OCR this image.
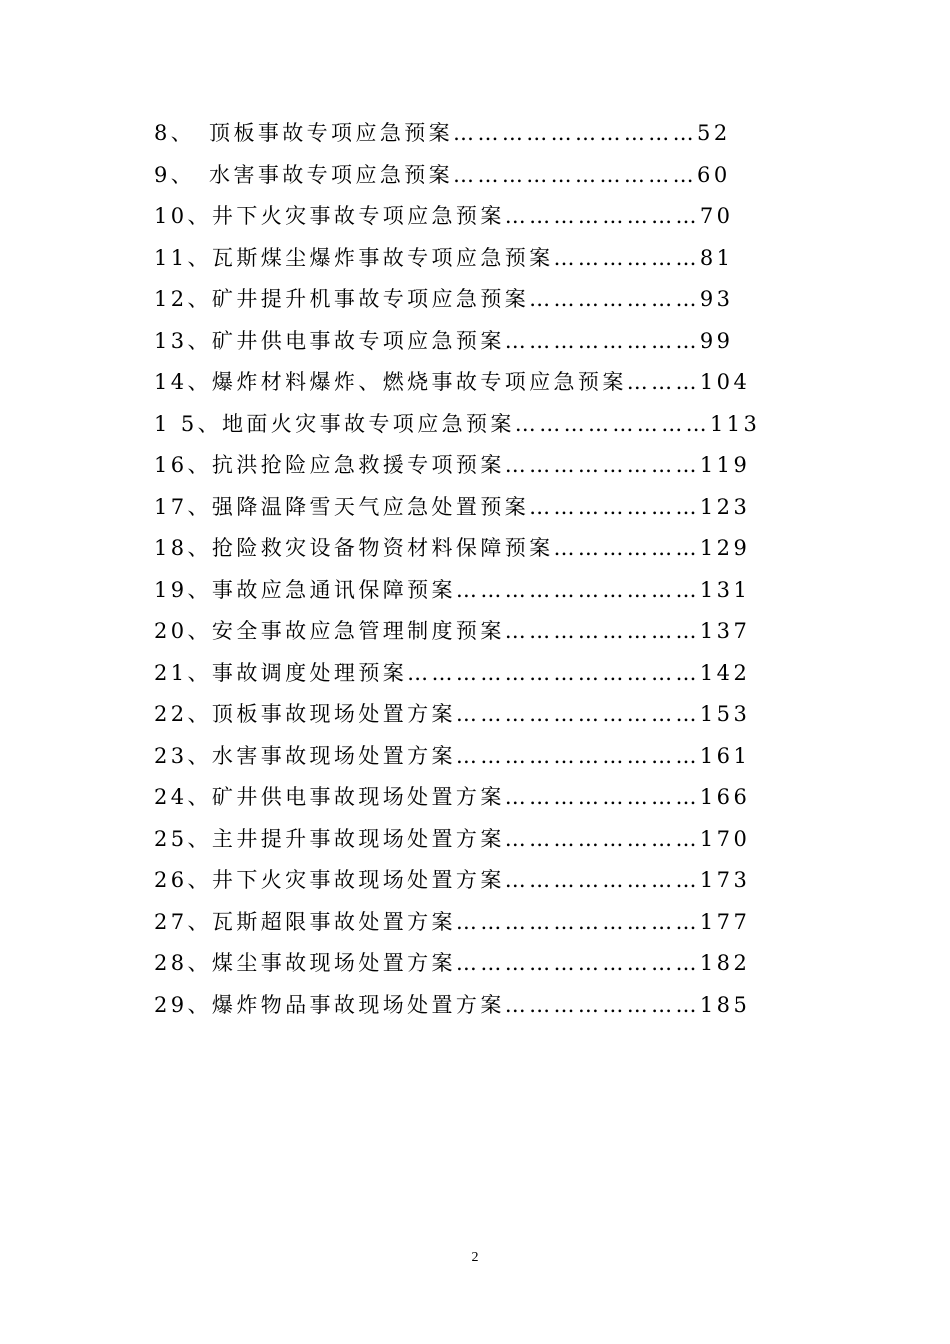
8、　顶板事故专项应急预案…………………………52
9、　水害事故专项应急预案…………………………60
10、井下火灾事故专项应急预案……………………70
11、瓦斯煤尘爆炸事故专项应急预案………………81
12、矿井提升机事故专项应急预案…………………93
13、矿井供电事故专项应急预案……………………99
14、爆炸材料爆炸、燃烧事故专项应急预案………104
1 5、地面火灾事故专项应急预案……………………113
16、抗洪抢险应急救援专项预案……………………119
17、强降温降雪天气应急处置预案…………………123
18、抢险救灾设备物资材料保障预案………………129
19、事故应急通讯保障预案…………………………131
20、安全事故应急管理制度预案……………………137
21、事故调度处理预案………………………………142
22、顶板事故现场处置方案…………………………153
23、水害事故现场处置方案…………………………161
24、矿井供电事故现场处置方案……………………166
25、主井提升事故现场处置方案……………………170
26、井下火灾事故现场处置方案……………………173
27、瓦斯超限事故处置方案…………………………177
28、煤尘事故现场处置方案…………………………182
29、爆炸物品事故现场处置方案……………………185
2
